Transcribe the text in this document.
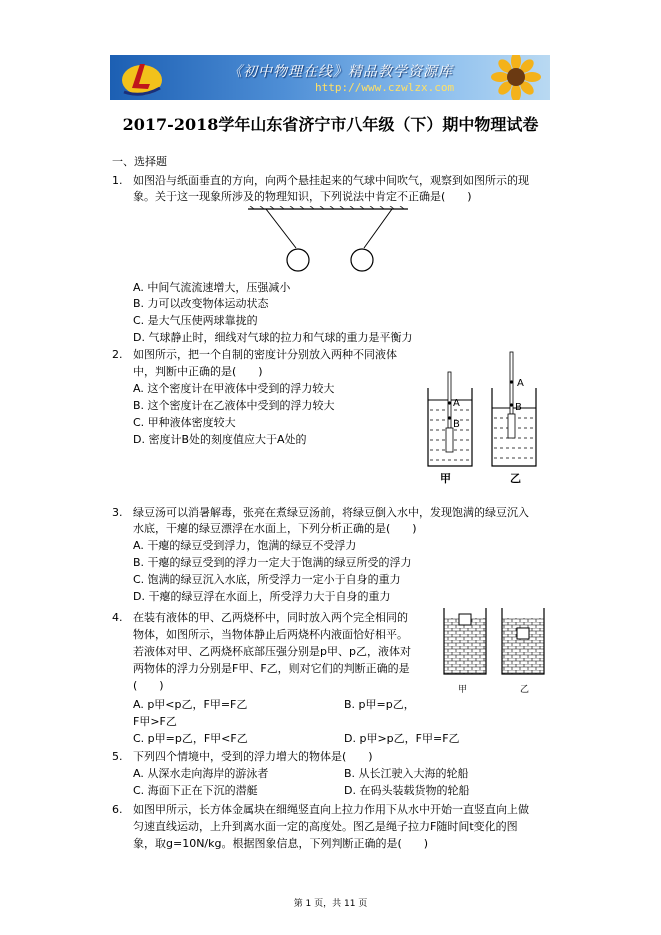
《初中物理在线》精品教学资源库
http://www.czwlzx.com
2017-2018学年山东省济宁市八年级（下）期中物理试卷
一、选择题
1. 如图沿与纸面垂直的方向，向两个悬挂起来的气球中间吹气，观察到如图所示的现
象。关于这一现象所涉及的物理知识，下列说法中肯定不正确是(　　)
A. 中间气流流速增大，压强减小
B. 力可以改变物体运动状态
C. 是大气压使两球靠拢的
D. 气球静止时，细线对气球的拉力和气球的重力是平衡力
2. 如图所示，把一个自制的密度计分别放入两种不同液体
中，判断中正确的是(　　)
A. 这个密度计在甲液体中受到的浮力较大
B. 这个密度计在乙液体中受到的浮力较大
C. 甲种液体密度较大
D. 密度计B处的刻度值应大于A处的
A
B
甲
A
B
乙
3. 绿豆汤可以消暑解毒，张亮在煮绿豆汤前，将绿豆倒入水中，发现饱满的绿豆沉入
水底，干瘪的绿豆漂浮在水面上，下列分析正确的是(　　)
A. 干瘪的绿豆受到浮力，饱满的绿豆不受浮力
B. 干瘪的绿豆受到的浮力一定大于饱满的绿豆所受的浮力
C. 饱满的绿豆沉入水底，所受浮力一定小于自身的重力
D. 干瘪的绿豆浮在水面上，所受浮力大于自身的重力
4. 在装有液体的甲、乙两烧杯中，同时放入两个完全相同的
物体，如图所示，当物体静止后两烧杯内液面恰好相平。
若液体对甲、乙两烧杯底部压强分别是p甲、p乙，液体对
两物体的浮力分别是F甲、F乙，则对它们的判断正确的是
(　　)
A. p甲<p乙，F甲=F乙	B. p甲=p乙，
F甲>F乙
C. p甲=p乙，F甲<F乙	D. p甲>p乙，F甲=F乙
甲	乙
5. 下列四个情境中，受到的浮力增大的物体是(　　)
A. 从深水走向海岸的游泳者	B. 从长江驶入大海的轮船
C. 海面下正在下沉的潜艇	D. 在码头装载货物的轮船
6. 如图甲所示，长方体金属块在细绳竖直向上拉力作用下从水中开始一直竖直向上做
匀速直线运动，上升到离水面一定的高度处。图乙是绳子拉力F随时间t变化的图
象，取g=10N/kg。根据图象信息，下列判断正确的是(　　)
第 1 页，共 11 页
